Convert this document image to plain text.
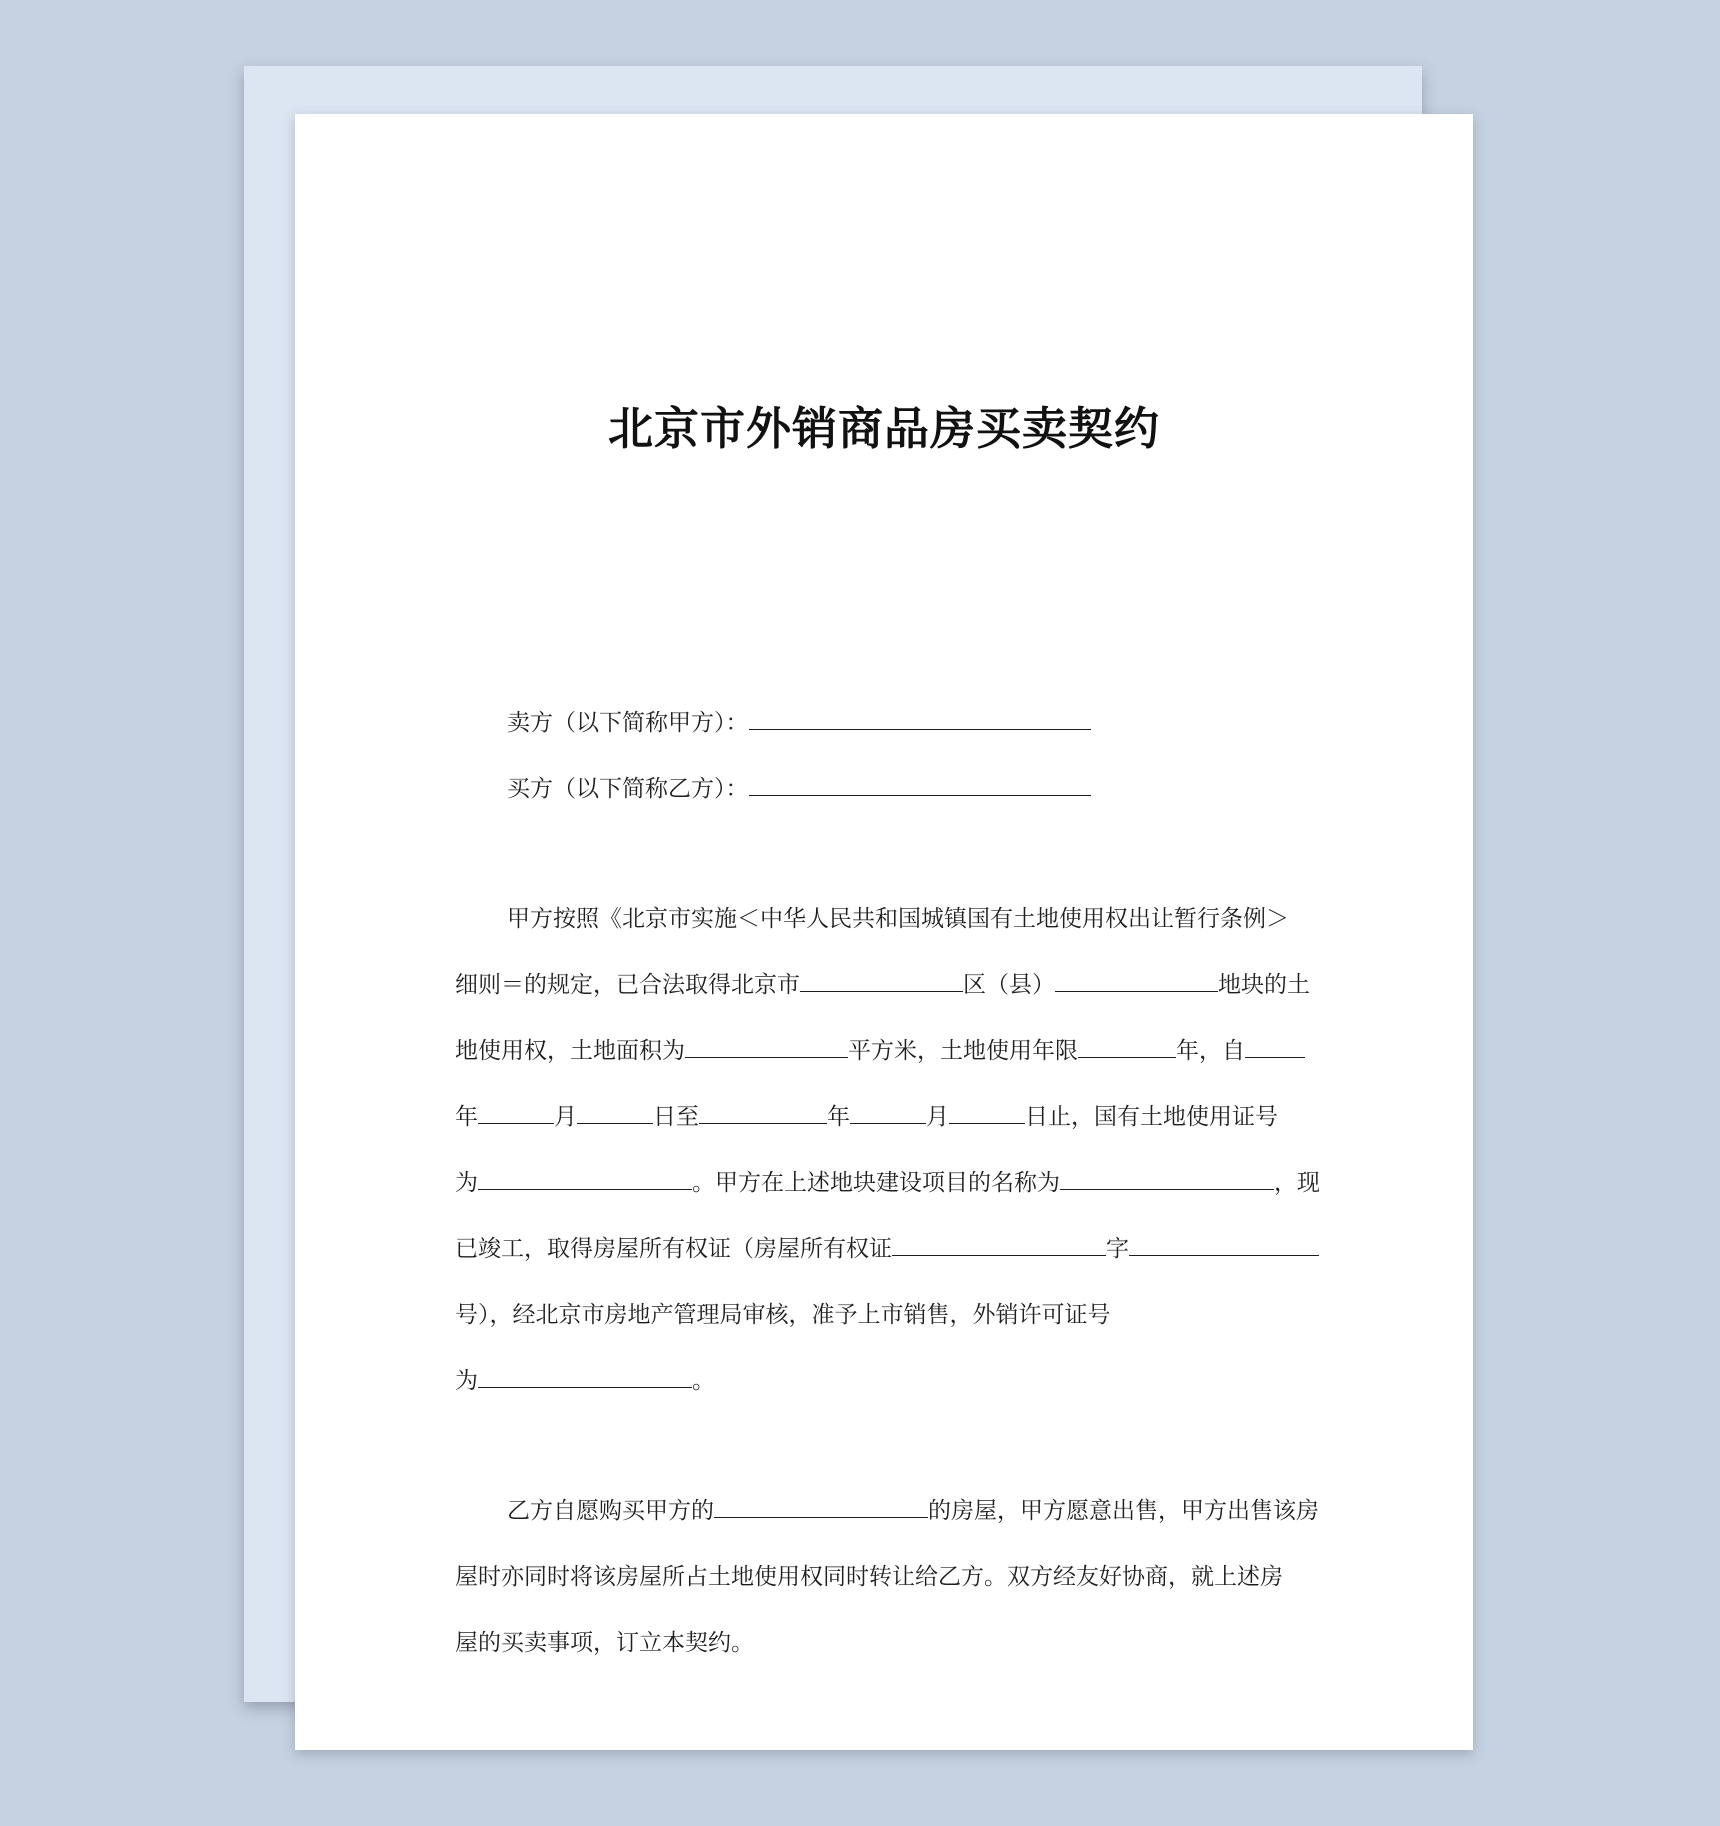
北京市外销商品房买卖契约
卖方（以下简称甲方）：
买方（以下简称乙方）：
甲方按照《北京市实施＜中华人民共和国城镇国有土地使用权出让暂行条例＞
细则＝的规定，已合法取得北京市	区（县）	地块的土
地使用权，土地面积为	平方米，土地使用年限	年，自
年	月	日至	年	月	日止，国有土地使用证号
为	。甲方在上述地块建设项目的名称为	，现
已竣工，取得房屋所有权证（房屋所有权证	字
号），经北京市房地产管理局审核，准予上市销售，外销许可证号
为	。
乙方自愿购买甲方的	的房屋，甲方愿意出售，甲方出售该房
屋时亦同时将该房屋所占土地使用权同时转让给乙方。双方经友好协商，就上述房
屋的买卖事项，订立本契约。
